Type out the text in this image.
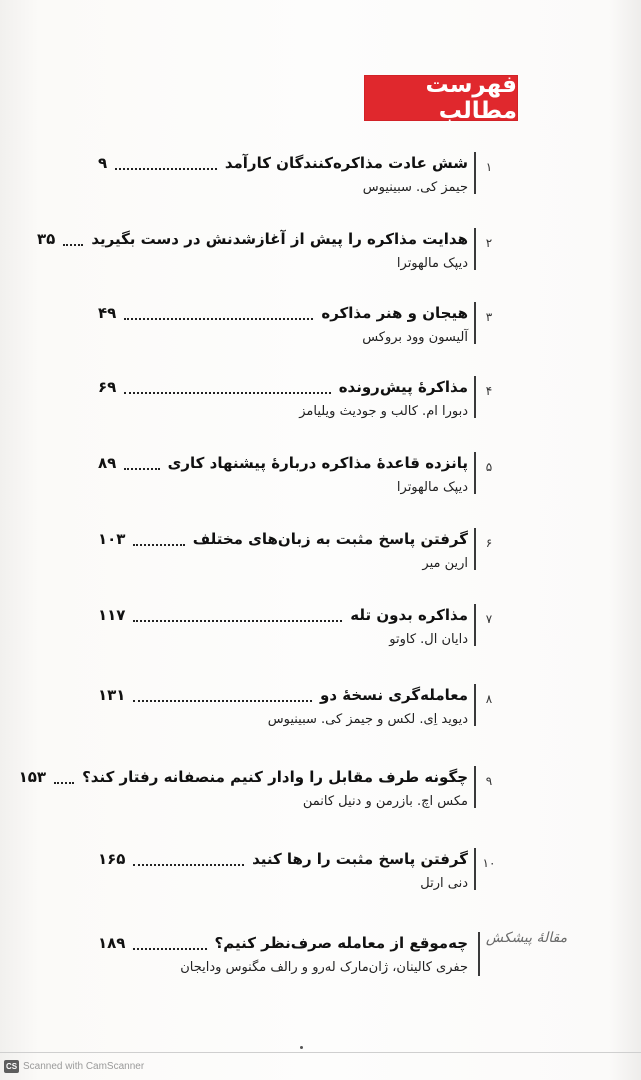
فهرست مطالب
۱
شش عادت مذاکره‌کنندگان کارآمد
۹
جیمز کی. سبینیوس
۲
هدایت مذاکره را پیش از آغازشدنش در دست بگیرید
۳۵
دیپک مالهوترا
۳
هیجان و هنر مذاکره
۴۹
آلیسون وود بروکس
۴
مذاکرهٔ پیش‌رونده
۶۹
دبورا ام. کالب و جودیث ویلیامز
۵
پانزده قاعدهٔ مذاکره دربارهٔ پیشنهاد کاری
۸۹
دیپک مالهوترا
۶
گرفتن پاسخ مثبت به زبان‌های مختلف
۱۰۳
ارین میر
۷
مذاکره بدون تله
۱۱۷
دایان ال. کاوتو
۸
معامله‌گری نسخهٔ دو
۱۳۱
دیوید اِی. لکس و جیمز کی. سبینیوس
۹
چگونه طرف مقابل را وادار کنیم منصفانه رفتار کند؟
۱۵۳
مکس اچ. بازرمن و دنیل کانمن
۱۰
گرفتن پاسخ مثبت را رها کنید
۱۶۵
دنی ارتل
چه‌موقع از معامله صرف‌نظر کنیم؟
۱۸۹
جفری کالینان، ژان‌مارک له‌رو و رالف مگنوس ودایجان
مقالهٔ پیشکش
CS Scanned with CamScanner
